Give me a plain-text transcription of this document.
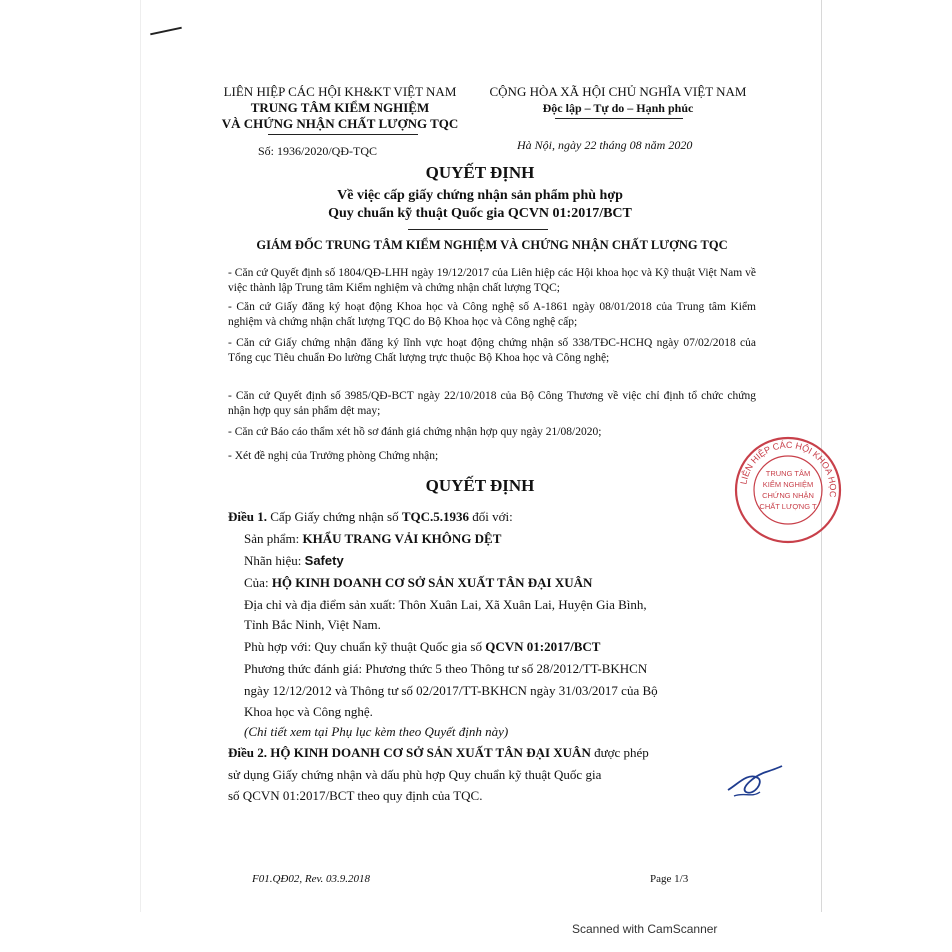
LIÊN HIỆP CÁC HỘI KH&KT VIỆT NAM
TRUNG TÂM KIỂM NGHIỆM
VÀ CHỨNG NHẬN CHẤT LƯỢNG TQC
Số: 1936/2020/QĐ-TQC
CỘNG HÒA XÃ HỘI CHỦ NGHĨA VIỆT NAM
Độc lập – Tự do – Hạnh phúc
Hà Nội, ngày 22 tháng 08 năm 2020
QUYẾT ĐỊNH
Về việc cấp giấy chứng nhận sản phẩm phù hợp
Quy chuẩn kỹ thuật Quốc gia QCVN 01:2017/BCT
GIÁM ĐỐC TRUNG TÂM KIỂM NGHIỆM VÀ CHỨNG NHẬN CHẤT LƯỢNG TQC
- Căn cứ Quyết định số 1804/QĐ-LHH ngày 19/12/2017 của Liên hiệp các Hội khoa học và Kỹ thuật Việt Nam về việc thành lập Trung tâm Kiểm nghiệm và chứng nhận chất lượng TQC;
- Căn cứ Giấy đăng ký hoạt động Khoa học và Công nghệ số A-1861 ngày 08/01/2018 của Trung tâm Kiểm nghiệm và chứng nhận chất lượng TQC do Bộ Khoa học và Công nghệ cấp;
- Căn cứ Giấy chứng nhận đăng ký lĩnh vực hoạt động chứng nhận số 338/TĐC-HCHQ ngày 07/02/2018 của Tổng cục Tiêu chuẩn Đo lường Chất lượng trực thuộc Bộ Khoa học và Công nghệ;
- Căn cứ Quyết định số 3985/QĐ-BCT ngày 22/10/2018 của Bộ Công Thương về việc chỉ định tổ chức chứng nhận hợp quy sản phẩm dệt may;
- Căn cứ Báo cáo thẩm xét hồ sơ đánh giá chứng nhận hợp quy ngày 21/08/2020;
- Xét đề nghị của Trưởng phòng Chứng nhận;
QUYẾT ĐỊNH
Điều 1. Cấp Giấy chứng nhận số TQC.5.1936 đối với:
Sản phẩm: KHẨU TRANG VẢI KHÔNG DỆT
Nhãn hiệu: Safety
Của: HỘ KINH DOANH CƠ SỞ SẢN XUẤT TÂN ĐẠI XUÂN
Địa chỉ và địa điểm sản xuất: Thôn Xuân Lai, Xã Xuân Lai, Huyện Gia Bình,
Tỉnh Bắc Ninh, Việt Nam.
Phù hợp với: Quy chuẩn kỹ thuật Quốc gia số QCVN 01:2017/BCT
Phương thức đánh giá: Phương thức 5 theo Thông tư số 28/2012/TT-BKHCN
ngày 12/12/2012 và Thông tư số 02/2017/TT-BKHCN ngày 31/03/2017 của Bộ
Khoa học và Công nghệ.
(Chi tiết xem tại Phụ lục kèm theo Quyết định này)
Điều 2. HỘ KINH DOANH CƠ SỞ SẢN XUẤT TÂN ĐẠI XUÂN được phép
sử dụng Giấy chứng nhận và dấu phù hợp Quy chuẩn kỹ thuật Quốc gia
số QCVN 01:2017/BCT theo quy định của TQC.
LIÊN HIỆP CÁC HỘI KHOA HỌC
TRUNG TÂM
KIỂM NGHIỆM
CHỨNG NHẬN
CHẤT LƯỢNG T
F01.QĐ02, Rev. 03.9.2018	Page 1/3
Scanned with CamScanner
